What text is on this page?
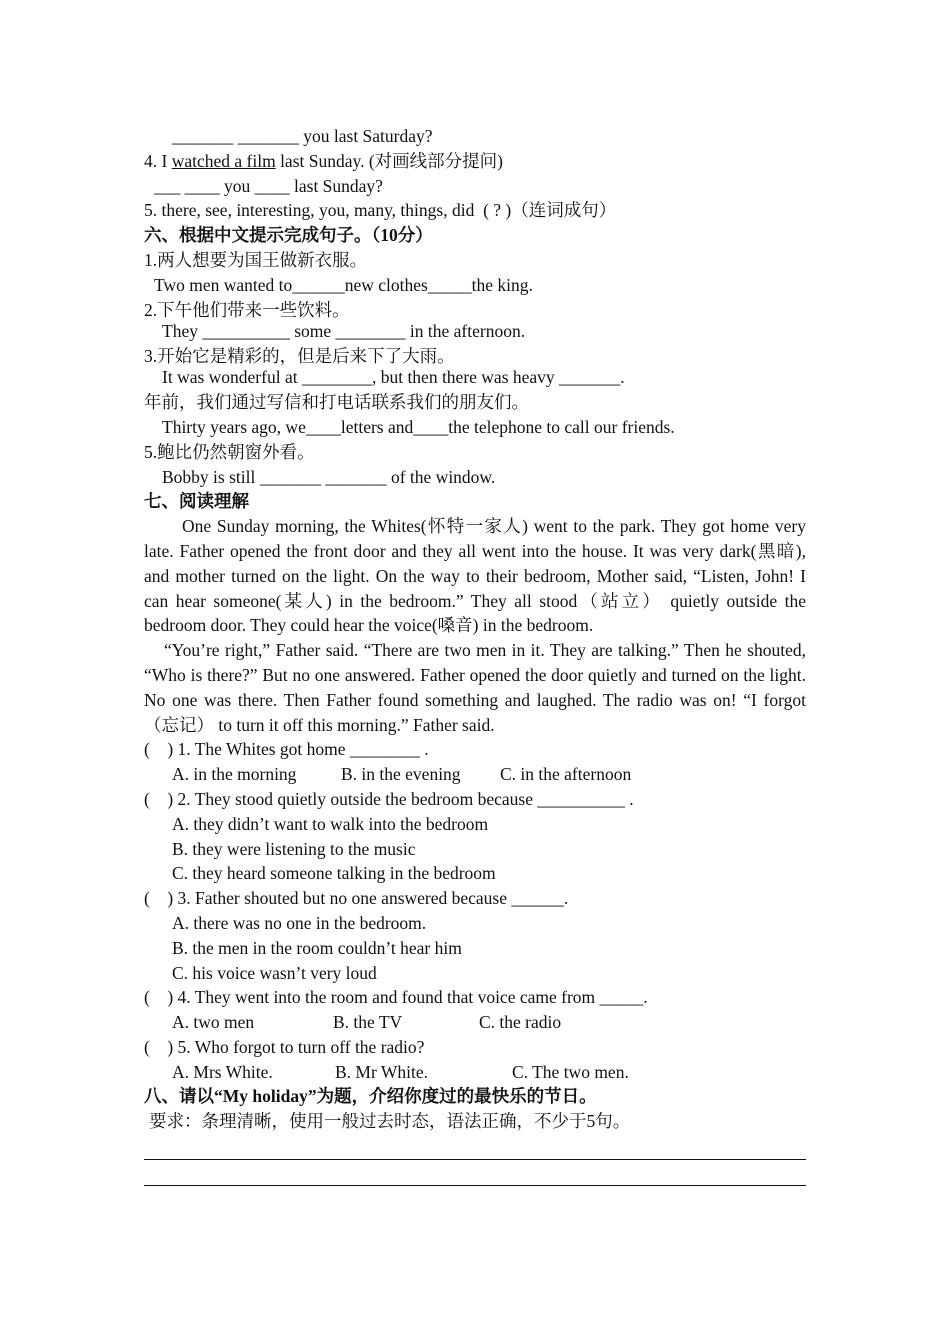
_______ _______ you last Saturday?
4. I watched a film last Sunday. (对画线部分提问)
___ ____ you ____ last Sunday?
5. there, see, interesting, you, many, things, did  ( ? )（连词成句）
六、根据中文提示完成句子。（10分）
1.两人想要为国王做新衣服。
Two men wanted to______new clothes_____the king.
2.下午他们带来一些饮料。
They __________ some ________ in the afternoon.
3.开始它是精彩的，但是后来下了大雨。
It was wonderful at ________, but then there was heavy _______.
年前，我们通过写信和打电话联系我们的朋友们。
Thirty years ago, we____letters and____the telephone to call our friends.
5.鲍比仍然朝窗外看。
Bobby is still _______ _______ of the window.
七、阅读理解
One Sunday morning, the Whites(怀特一家人) went to the park. They got home very late. Father opened the front door and they all went into the house. It was very dark(黑暗), and mother turned on the light. On the way to their bedroom, Mother said, “Listen, John! I can hear someone(某人) in the bedroom.” They all stood（站立） quietly outside the bedroom door. They could hear the voice(嗓音) in the bedroom.
“You’re right,” Father said. “There are two men in it. They are talking.” Then he shouted, “Who is there?” But no one answered. Father opened the door quietly and turned on the light. No one was there. Then Father found something and laughed. The radio was on! “I forgot（忘记） to turn it off this morning.” Father said.
(    ) 1. The Whites got home ________ .
A. in the morning	B. in the evening C. in the afternoon
(    ) 2. They stood quietly outside the bedroom because __________ .
A. they didn’t want to walk into the bedroom
B. they were listening to the music
C. they heard someone talking in the bedroom
(    ) 3. Father shouted but no one answered because ______.
A. there was no one in the bedroom.
B. the men in the room couldn’t hear him
C. his voice wasn’t very loud
(    ) 4. They went into the room and found that voice came from _____.
A. two men	B. the TV	C. the radio
(    ) 5. Who forgot to turn off the radio?
A. Mrs White.	B. Mr White.	C. The two men.
八、请以“My holiday”为题，介绍你度过的最快乐的节日。
要求：条理清晰，使用一般过去时态，语法正确，不少于5句。
